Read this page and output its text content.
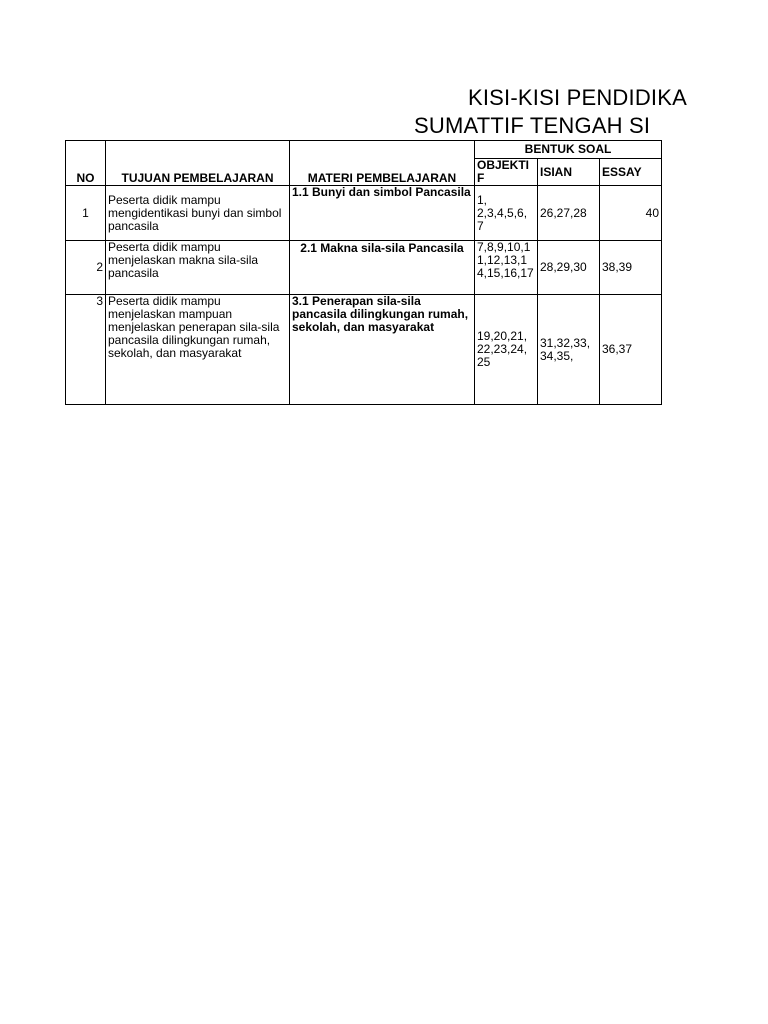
KISI-KISI PENDIDIKA
SUMATTIF TENGAH SI
NO	TUJUAN PEMBELAJARAN	MATERI PEMBELAJARAN	BENTUK SOAL		
			OBJEKTIF	ISIAN	ESSAY
1	Peserta didik mampu mengidentikasi bunyi dan simbol pancasila	1.1 Bunyi dan simbol Pancasila	1, 2,3,4,5,6, 7	26,27,28	40
2	Peserta didik mampu menjelaskan makna sila-sila pancasila	2.1 Makna sila-sila Pancasila	7,8,9,10,11,12,13,14,15,16,17	28,29,30	38,39
3	Peserta didik mampu menjelaskan mampuan menjelaskan penerapan sila-sila pancasila dilingkungan rumah, sekolah, dan masyarakat	3.1 Penerapan sila-sila pancasila dilingkungan rumah, sekolah, dan masyarakat	19,20,21, 22,23,24, 25	31,32,33, 34,35,	36,37
